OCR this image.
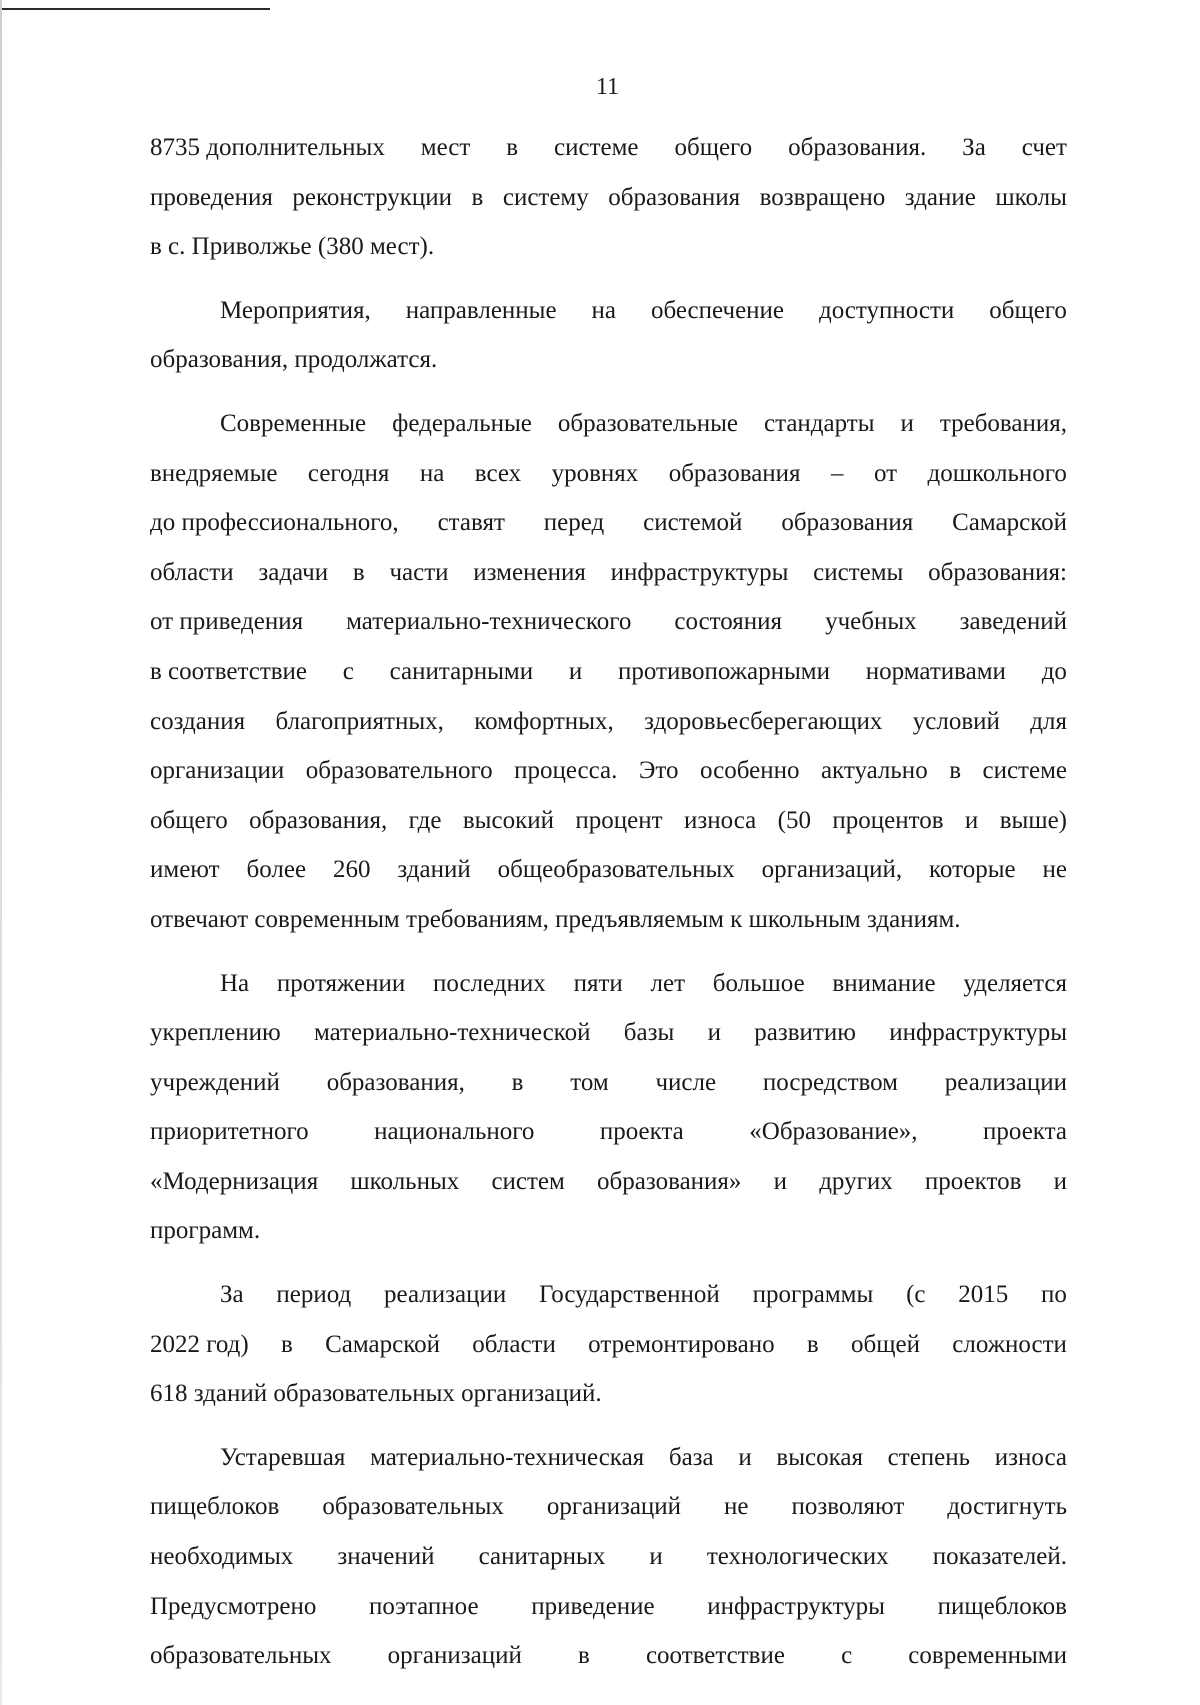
11
8735 дополнительных мест в системе общего образования. За счет
проведения реконструкции в систему образования возвращено здание школы
в с. Приволжье (380 мест).
Мероприятия, направленные на обеспечение доступности общего
образования, продолжатся.
Современные федеральные образовательные стандарты и требования,
внедряемые сегодня на всех уровнях образования – от дошкольного
до профессионального, ставят перед системой образования Самарской
области задачи в части изменения инфраструктуры системы образования:
от приведения материально-технического состояния учебных заведений
в соответствие с санитарными и противопожарными нормативами до
создания благоприятных, комфортных, здоровьесберегающих условий для
организации образовательного процесса. Это особенно актуально в системе
общего образования, где высокий процент износа (50 процентов и выше)
имеют более 260 зданий общеобразовательных организаций, которые не
отвечают современным требованиям, предъявляемым к школьным зданиям.
На протяжении последних пяти лет большое внимание уделяется
укреплению материально-технической базы и развитию инфраструктуры
учреждений образования, в том числе посредством реализации
приоритетного	национального	проекта	«Образование»,	проекта
«Модернизация школьных систем образования» и других проектов и
программ.
За период реализации Государственной программы (с 2015 по
2022 год) в Самарской области отремонтировано в общей сложности
618 зданий образовательных организаций.
Устаревшая материально-техническая база и высокая степень износа
пищеблоков образовательных организаций не позволяют достигнуть
необходимых значений санитарных и технологических показателей.
Предусмотрено поэтапное приведение инфраструктуры пищеблоков
образовательных организаций в соответствие с современными
